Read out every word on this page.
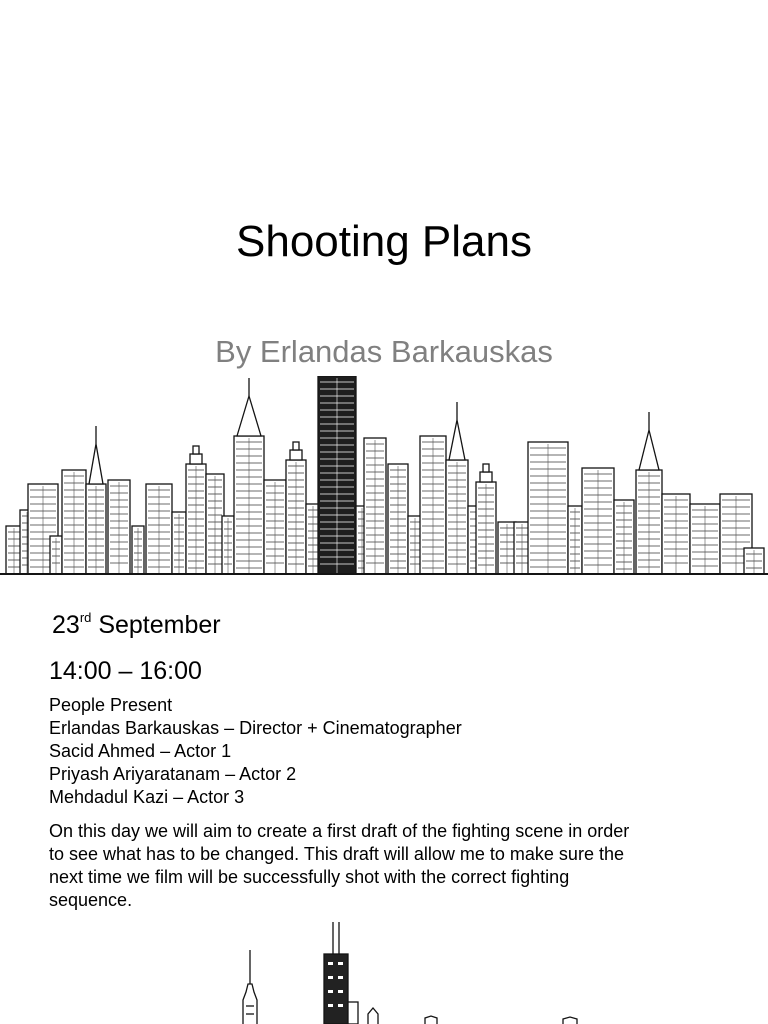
Shooting Plans
By Erlandas Barkauskas
23rd September
14:00 – 16:00
People Present
Erlandas Barkauskas – Director + Cinematographer
Sacid Ahmed – Actor 1
Priyash Ariyaratanam – Actor 2
Mehdadul Kazi – Actor 3
On this day we will aim to create a first draft of the fighting scene in order to see what has to be changed. This draft will allow me to make sure the next time we film will be successfully shot with the correct fighting sequence.
